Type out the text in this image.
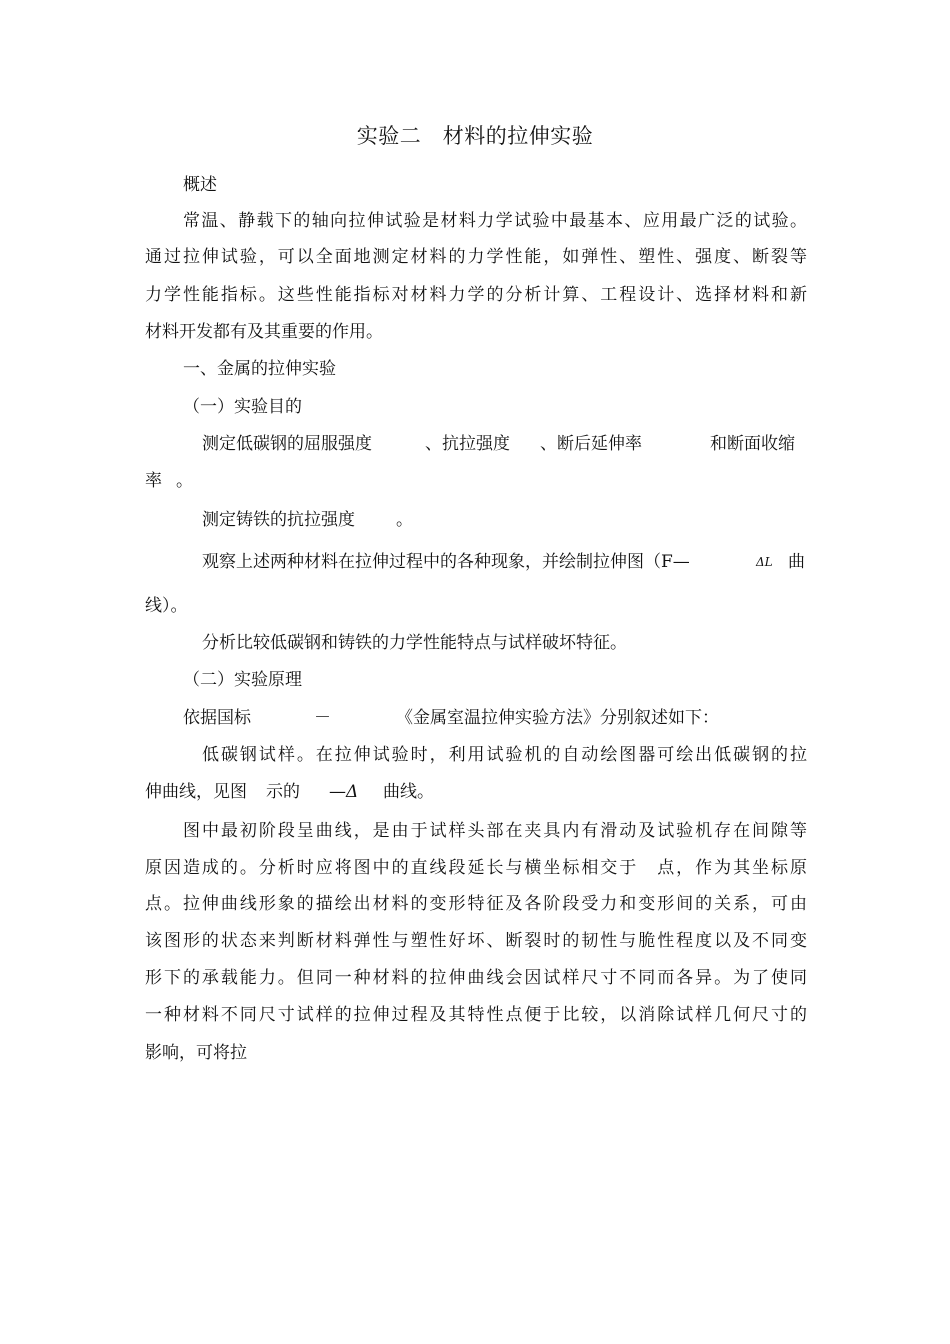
实验二　材料的拉伸实验
概述
常温、静载下的轴向拉伸试验是材料力学试验中最基本、应用最广泛的试验。
通过拉伸试验，可以全面地测定材料的力学性能，如弹性、塑性、强度、断裂等
力学性能指标。这些性能指标对材料力学的分析计算、工程设计、选择材料和新
材料开发都有及其重要的作用。
一、金属的拉伸实验
（一）实验目的
测定低碳钢的屈服强度	、抗拉强度 、断后延伸率	和断面收缩
率 。
测定铸铁的抗拉强度 。
观察上述两种材料在拉伸过程中的各种现象，并绘制拉伸图（F—	$^{\Delta L}$ 曲
线）。
分析比较低碳钢和铸铁的力学性能特点与试样破坏特征。
（二）实验原理
依据国标	－	《金属室温拉伸实验方法》分别叙述如下：
低碳钢试样。在拉伸试验时，利用试验机的自动绘图器可绘出低碳钢的拉
伸曲线，见图 示的 —Δ 曲线。
图中最初阶段呈曲线，是由于试样头部在夹具内有滑动及试验机存在间隙等
原因造成的。分析时应将图中的直线段延长与横坐标相交于　点，作为其坐标原
点。拉伸曲线形象的描绘出材料的变形特征及各阶段受力和变形间的关系，可由
该图形的状态来判断材料弹性与塑性好坏、断裂时的韧性与脆性程度以及不同变
形下的承载能力。但同一种材料的拉伸曲线会因试样尺寸不同而各异。为了使同
一种材料不同尺寸试样的拉伸过程及其特性点便于比较，以消除试样几何尺寸的
影响，可将拉
